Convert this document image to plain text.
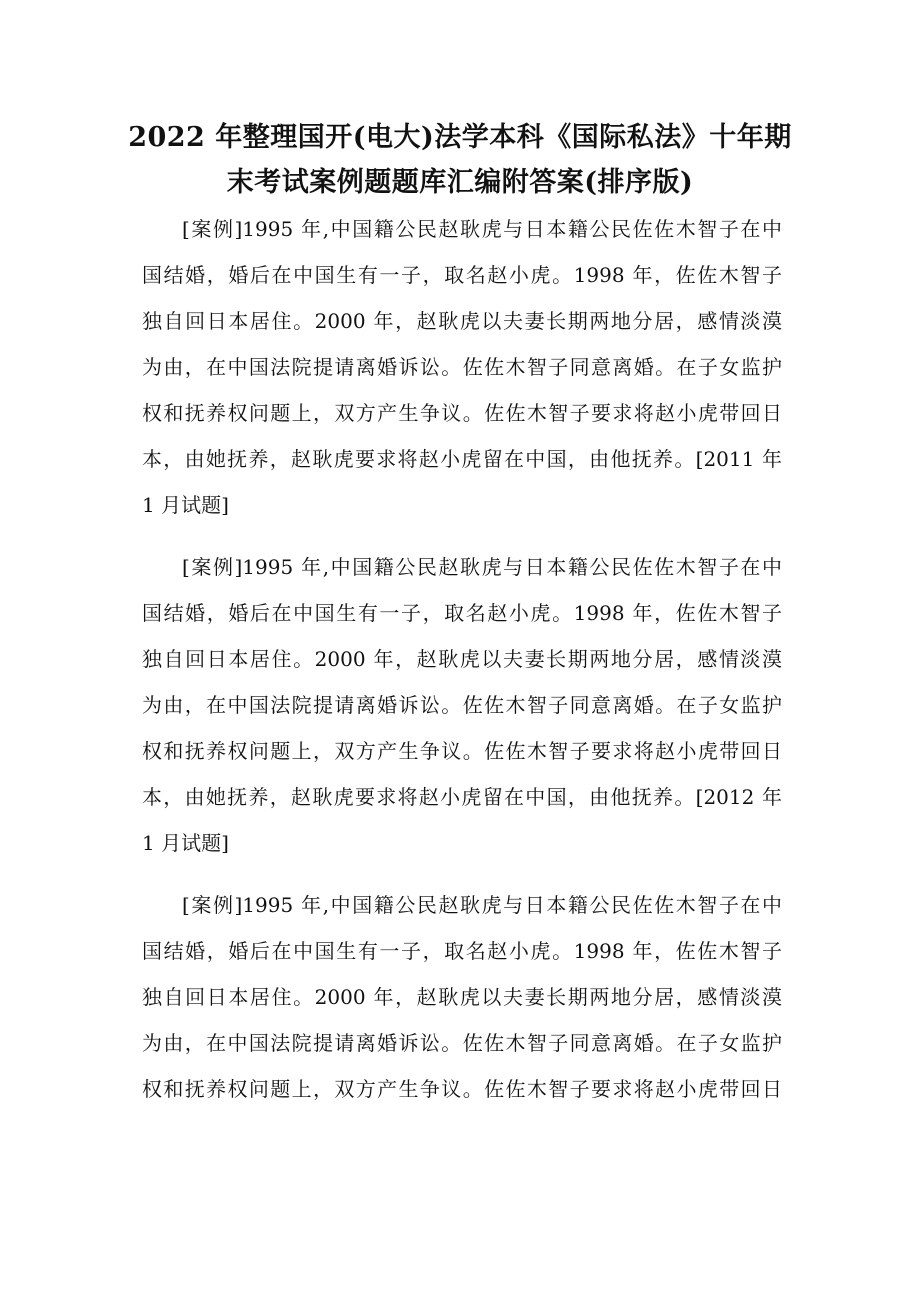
2022 年整理国开(电大)法学本科《国际私法》十年期
末考试案例题题库汇编附答案(排序版)
[案例]1995 年,中国籍公民赵耿虎与日本籍公民佐佐木智子在中
国结婚，婚后在中国生有一子，取名赵小虎。1998 年，佐佐木智子
独自回日本居住。2000 年，赵耿虎以夫妻长期两地分居，感情淡漠
为由，在中国法院提请离婚诉讼。佐佐木智子同意离婚。在子女监护
权和抚养权问题上，双方产生争议。佐佐木智子要求将赵小虎带回日
本，由她抚养，赵耿虎要求将赵小虎留在中国，由他抚养。[2011 年
1 月试题]
[案例]1995 年,中国籍公民赵耿虎与日本籍公民佐佐木智子在中
国结婚，婚后在中国生有一子，取名赵小虎。1998 年，佐佐木智子
独自回日本居住。2000 年，赵耿虎以夫妻长期两地分居，感情淡漠
为由，在中国法院提请离婚诉讼。佐佐木智子同意离婚。在子女监护
权和抚养权问题上，双方产生争议。佐佐木智子要求将赵小虎带回日
本，由她抚养，赵耿虎要求将赵小虎留在中国，由他抚养。[2012 年
1 月试题]
[案例]1995 年,中国籍公民赵耿虎与日本籍公民佐佐木智子在中
国结婚，婚后在中国生有一子，取名赵小虎。1998 年，佐佐木智子
独自回日本居住。2000 年，赵耿虎以夫妻长期两地分居，感情淡漠
为由，在中国法院提请离婚诉讼。佐佐木智子同意离婚。在子女监护
权和抚养权问题上，双方产生争议。佐佐木智子要求将赵小虎带回日
